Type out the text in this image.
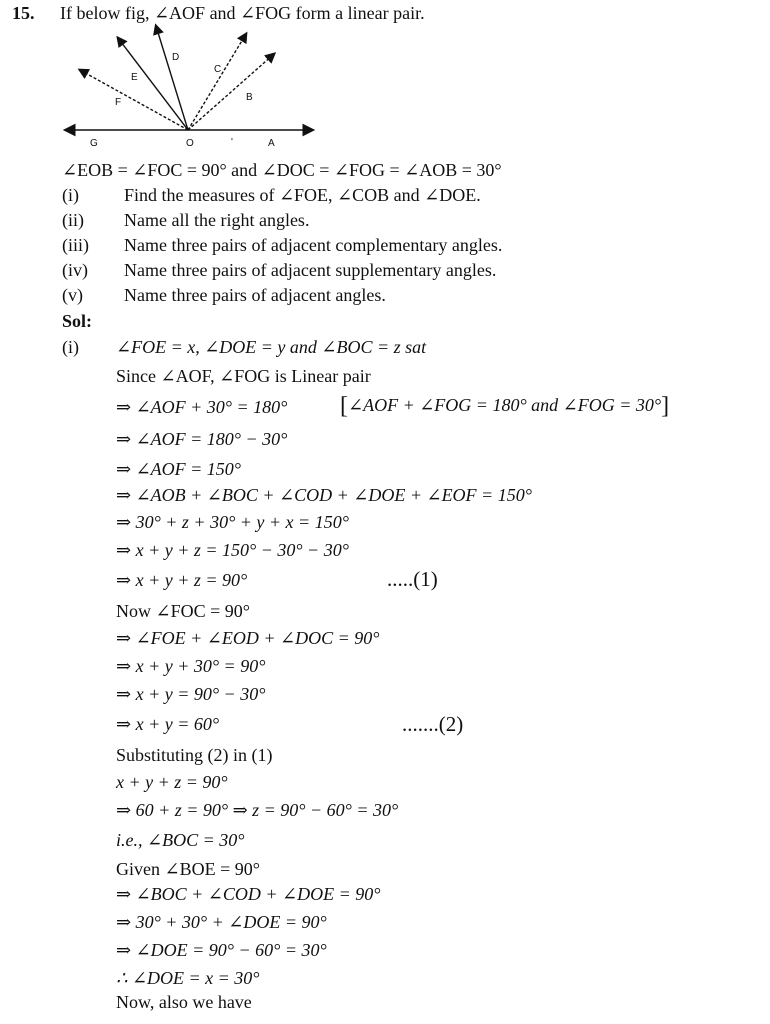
15. If below fig, ∠AOF and ∠FOG form a linear pair.
D
E
F
C
B
G	O	A
'
∠EOB = ∠FOC = 90° and ∠DOC = ∠FOG = ∠AOB = 30°
(i)	Find the measures of ∠FOE, ∠COB and ∠DOE.
(ii) Name all the right angles.
(iii) Name three pairs of adjacent complementary angles.
(iv) Name three pairs of adjacent supplementary angles.
(v) Name three pairs of adjacent angles.
Sol:
(i) ∠FOE = x, ∠DOE = y and ∠BOC = z sat
Since ∠AOF, ∠FOG is Linear pair
⇒ ∠AOF + 30° = 180° [∠AOF + ∠FOG = 180° and ∠FOG = 30°]
⇒ ∠AOF = 180° − 30°
⇒ ∠AOF = 150°
⇒ ∠AOB + ∠BOC + ∠COD + ∠DOE + ∠EOF = 150°
⇒ 30° + z + 30° + y + x = 150°
⇒ x + y + z = 150° − 30° − 30°
⇒ x + y + z = 90°	.....(1)
Now ∠FOC = 90°
⇒ ∠FOE + ∠EOD + ∠DOC = 90°
⇒ x + y + 30° = 90°
⇒ x + y = 90° − 30°
⇒ x + y = 60°	.......(2)
Substituting (2) in (1)
x + y + z = 90°
⇒ 60 + z = 90° ⇒ z = 90° − 60° = 30°
i.e., ∠BOC = 30°
Given ∠BOE = 90°
⇒ ∠BOC + ∠COD + ∠DOE = 90°
⇒ 30° + 30° + ∠DOE = 90°
⇒ ∠DOE = 90° − 60° = 30°
∴ ∠DOE = x = 30°
Now, also we have
